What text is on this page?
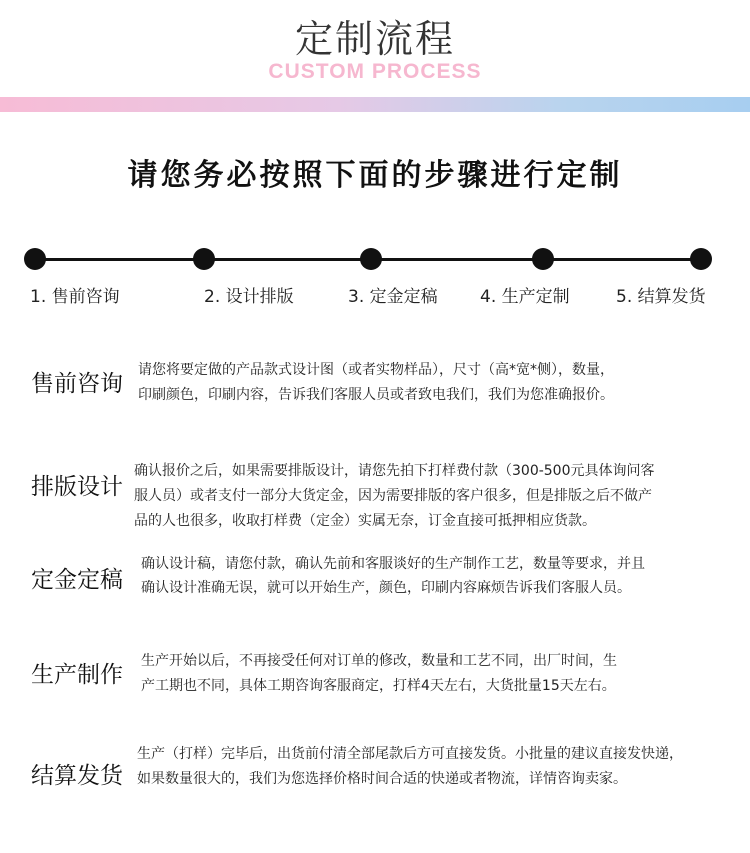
定制流程
CUSTOM PROCESS
请您务必按照下面的步骤进行定制
1. 售前咨询	2. 设计排版	3. 定金定稿 4. 生产定制	5. 结算发货
售前咨询
请您将要定做的产品款式设计图（或者实物样品），尺寸（高*宽*侧），数量，
印刷颜色，印刷内容，告诉我们客服人员或者致电我们，我们为您准确报价。
排版设计
确认报价之后，如果需要排版设计，请您先拍下打样费付款（300-500元具体询问客
服人员）或者支付一部分大货定金，因为需要排版的客户很多，但是排版之后不做产
品的人也很多，收取打样费（定金）实属无奈，订金直接可抵押相应货款。
定金定稿
确认设计稿，请您付款，确认先前和客服谈好的生产制作工艺，数量等要求，并且
确认设计准确无误，就可以开始生产，颜色，印刷内容麻烦告诉我们客服人员。
生产制作
生产开始以后，不再接受任何对订单的修改，数量和工艺不同，出厂时间，生
产工期也不同，具体工期咨询客服商定，打样4天左右，大货批量15天左右。
结算发货
生产（打样）完毕后，出货前付清全部尾款后方可直接发货。小批量的建议直接发快递，
如果数量很大的，我们为您选择价格时间合适的快递或者物流，详情咨询卖家。
